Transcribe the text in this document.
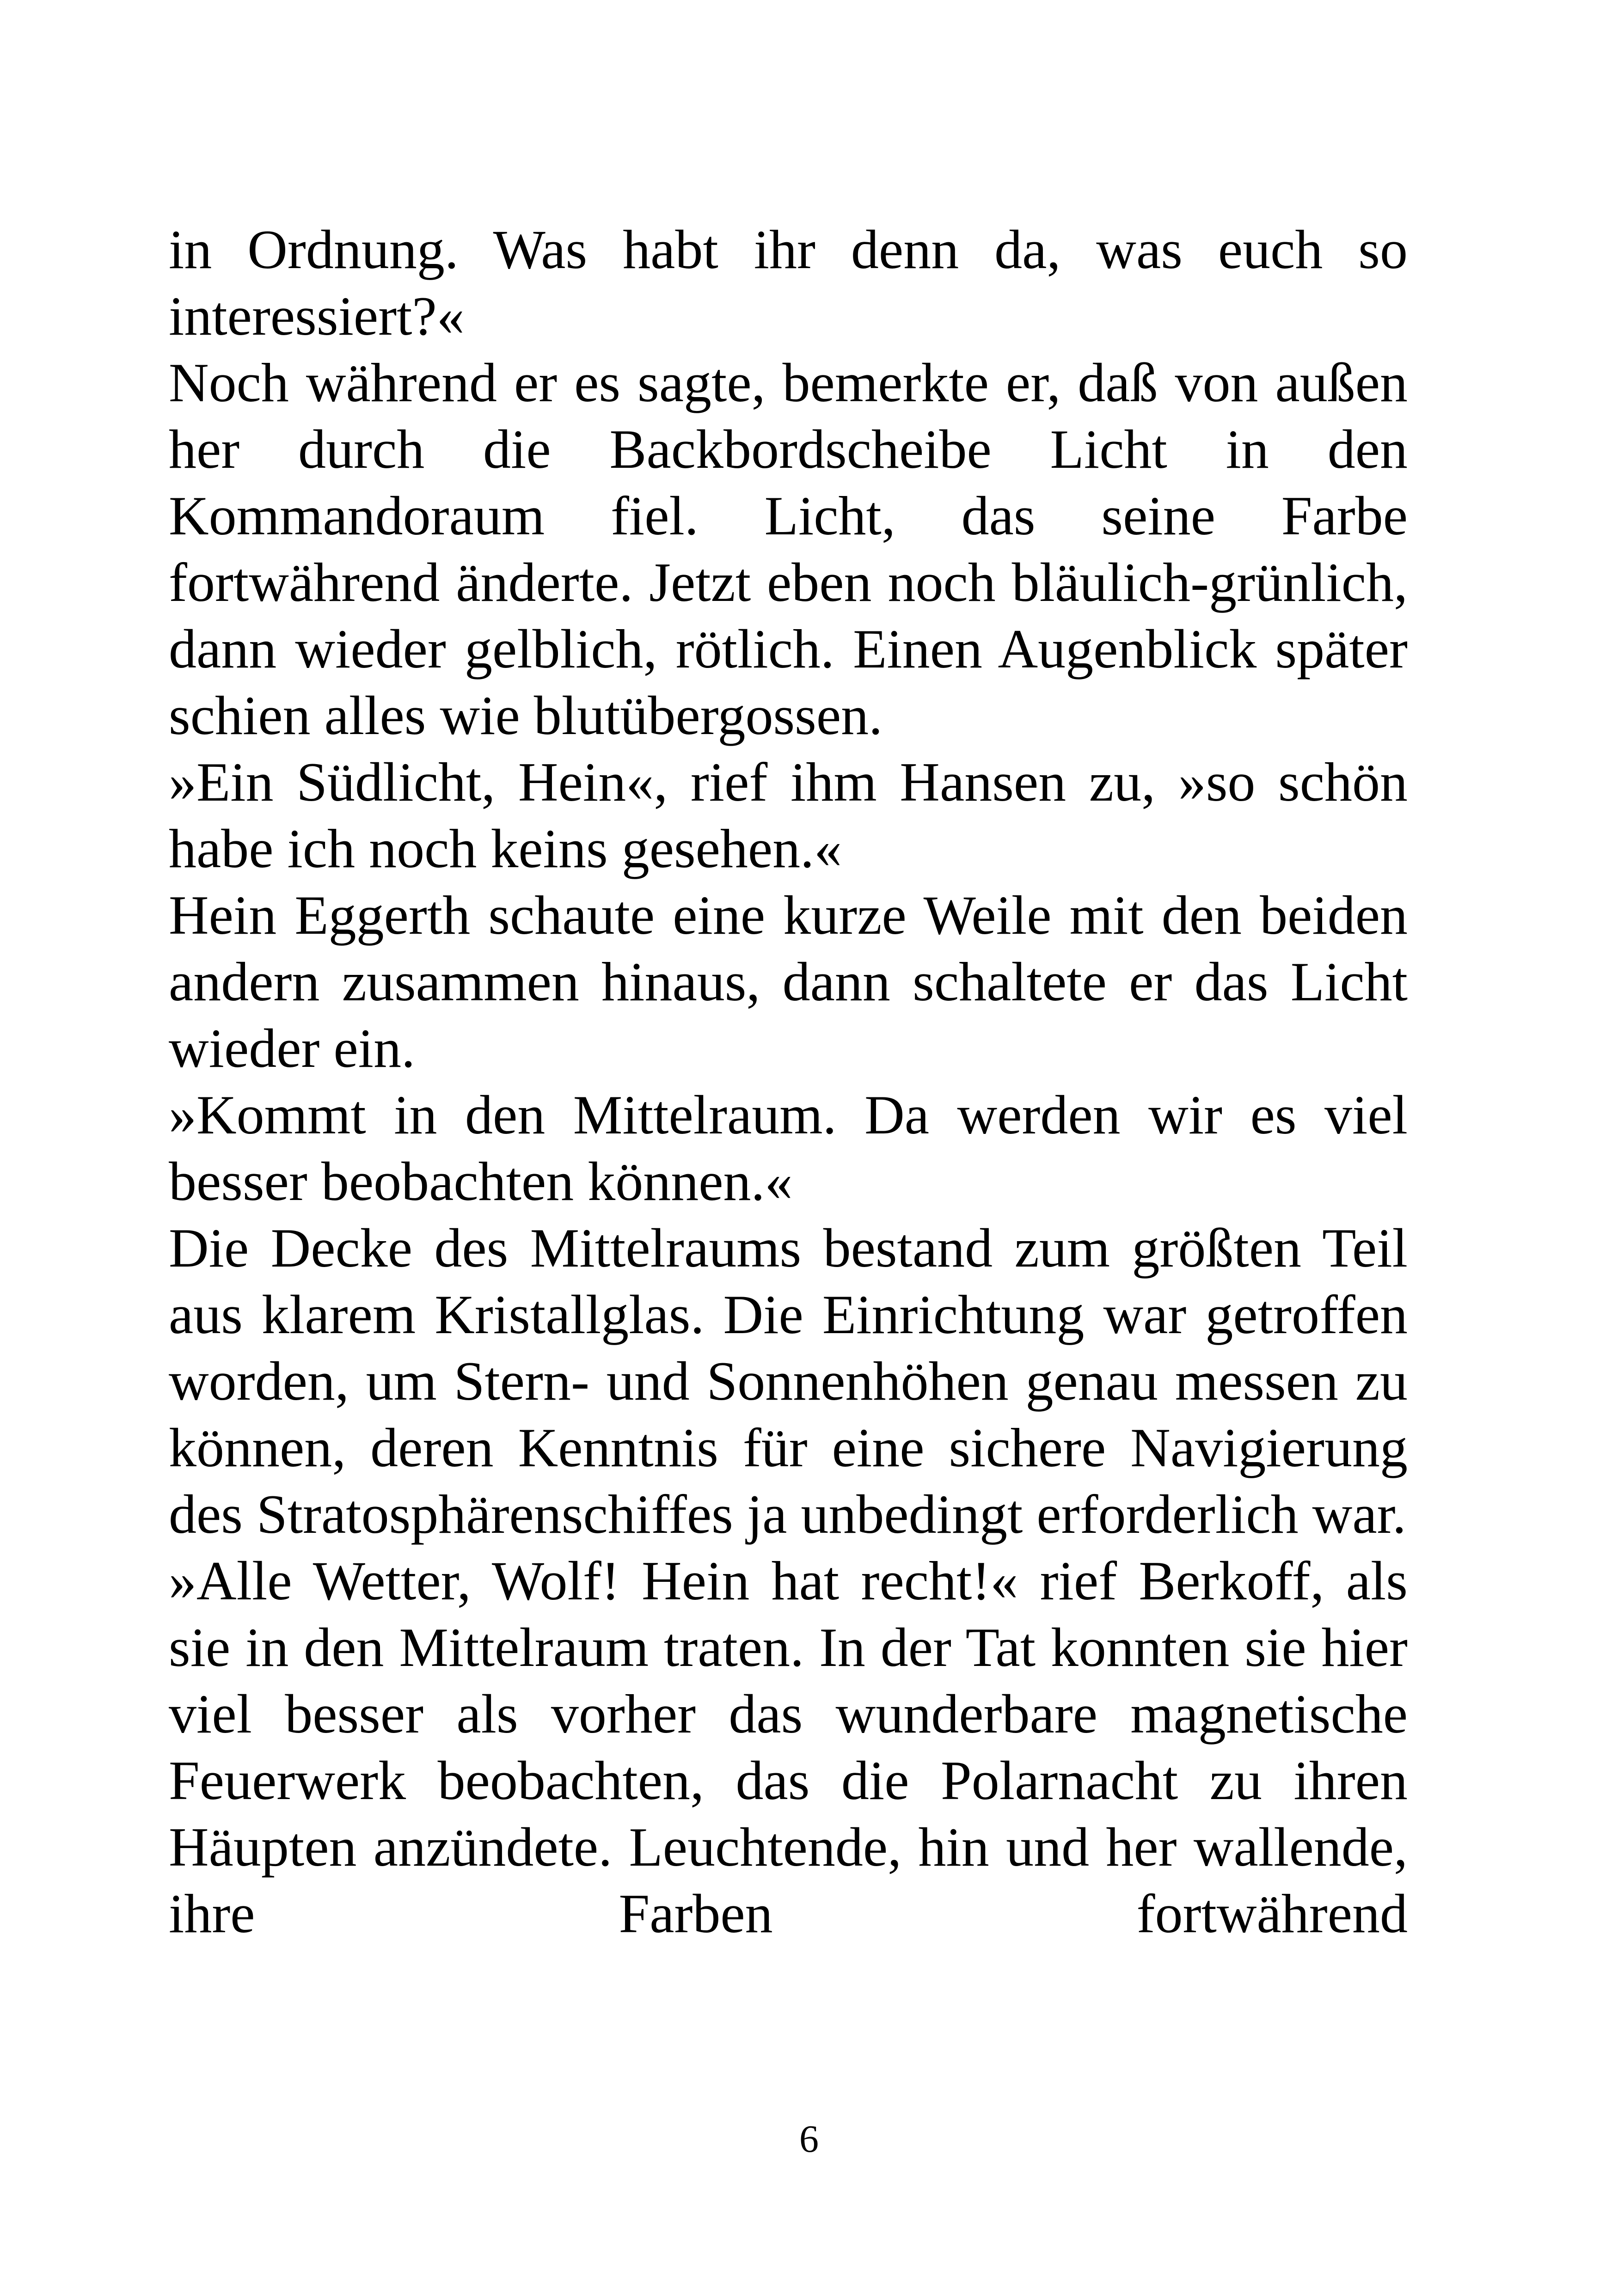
in Ordnung. Was habt ihr denn da, was euch so interessiert?«

Noch während er es sagte, bemerkte er, daß von außen her durch die Backbordscheibe Licht in den Kommandoraum fiel. Licht, das seine Farbe fortwährend änderte. Jetzt eben noch bläulich-grünlich, dann wieder gelblich, rötlich. Einen Augenblick später schien alles wie blutübergossen.

»Ein Südlicht, Hein«, rief ihm Hansen zu, »so schön habe ich noch keins gesehen.«

Hein Eggerth schaute eine kurze Weile mit den beiden andern zusammen hinaus, dann schaltete er das Licht wieder ein.

»Kommt in den Mittelraum. Da werden wir es viel besser beobachten können.«

Die Decke des Mittelraums bestand zum größten Teil aus klarem Kristallglas. Die Einrichtung war getroffen worden, um Stern- und Sonnenhöhen genau messen zu können, deren Kenntnis für eine sichere Navigierung des Stratosphärenschiffes ja unbedingt erforderlich war.

»Alle Wetter, Wolf! Hein hat recht!« rief Berkoff, als sie in den Mittelraum traten. In der Tat konnten sie hier viel besser als vorher das wunderbare magnetische Feuerwerk beobachten, das die Polarnacht zu ihren Häupten anzündete. Leuchtende, hin und her wallende, ihre Farben fortwährend

6
